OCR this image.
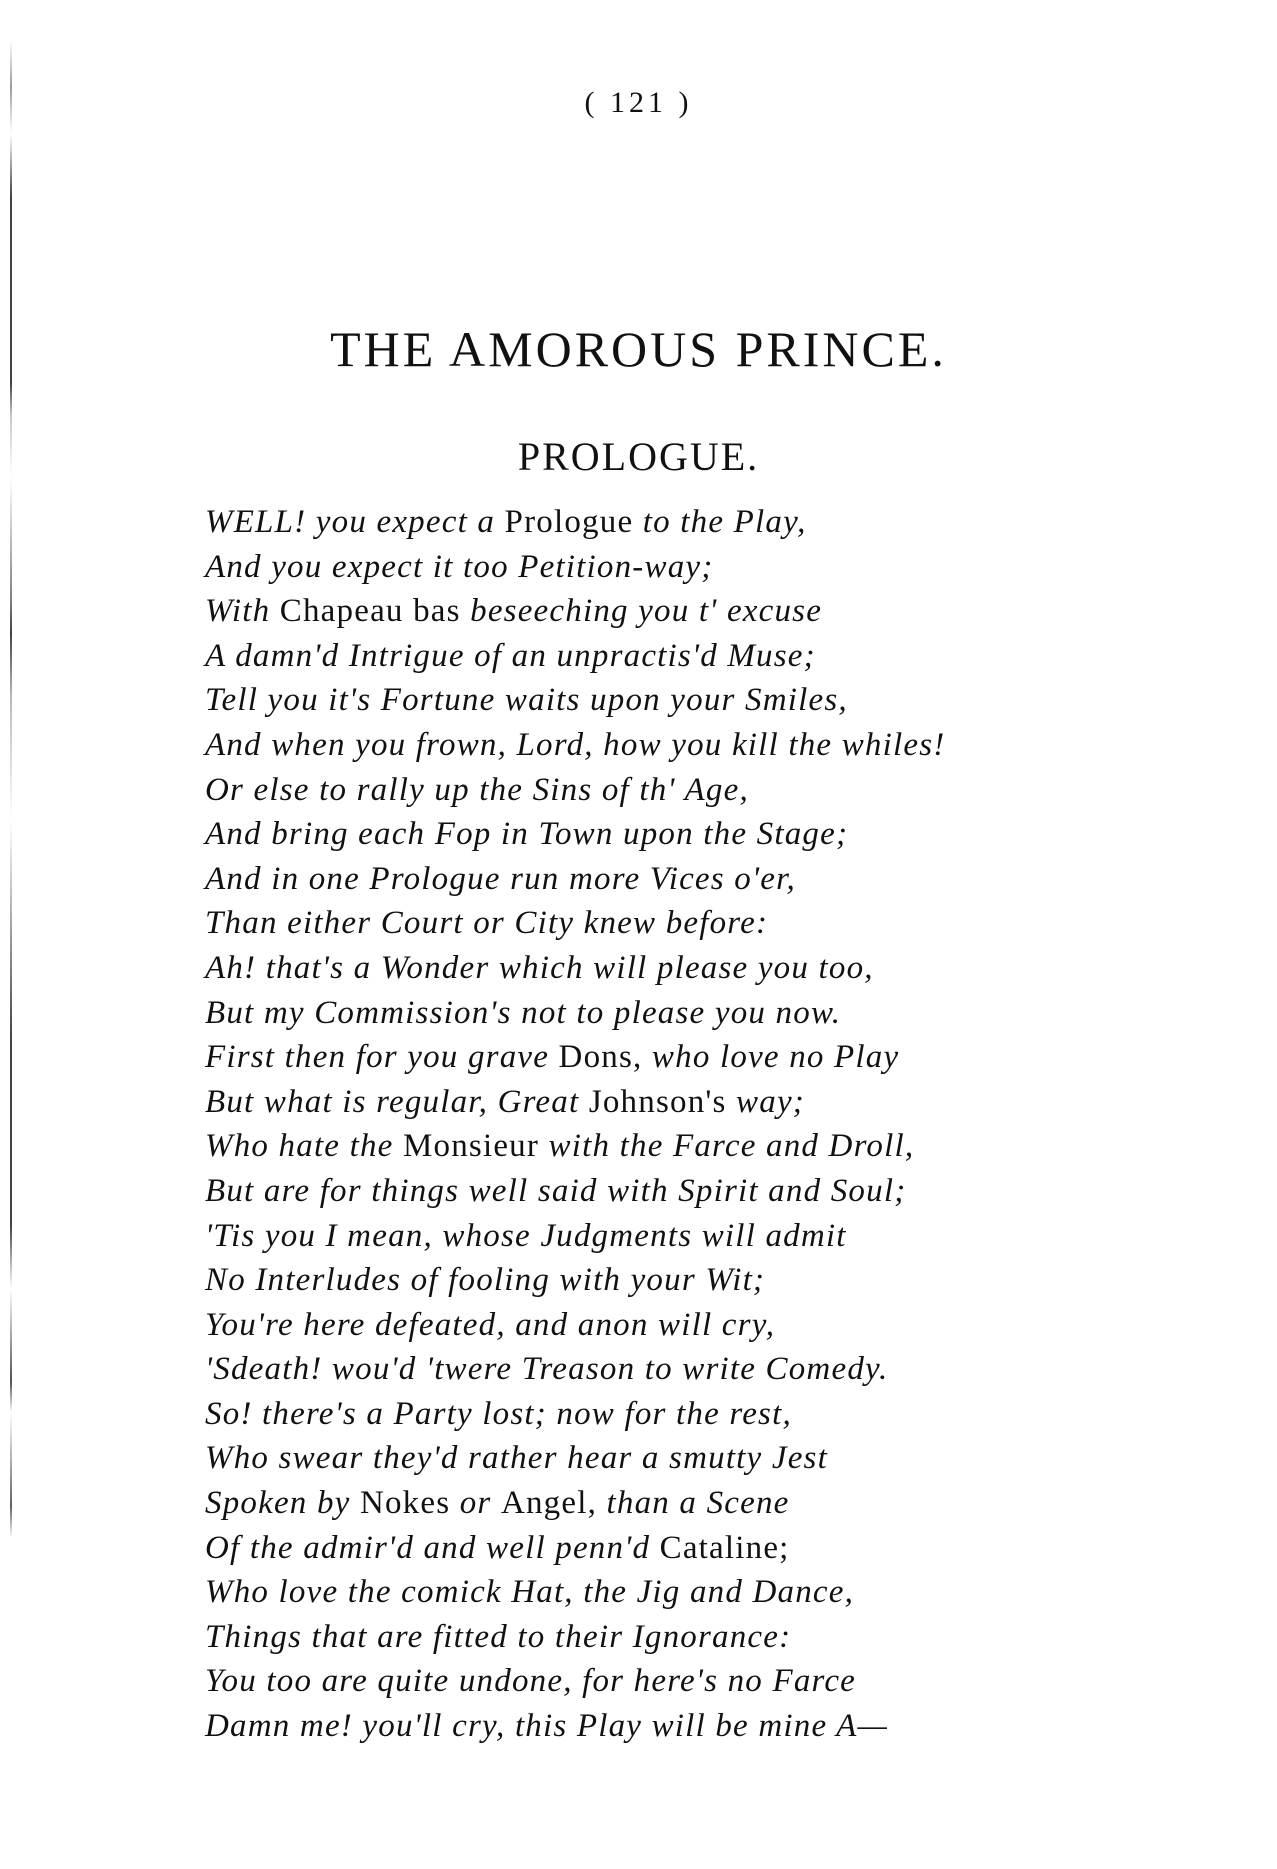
( 121 )
THE AMOROUS PRINCE.
PROLOGUE.
WELL! you expect a Prologue to the Play,
And you expect it too Petition-way;
With Chapeau bas beseeching you t' excuse
A damn'd Intrigue of an unpractis'd Muse;
Tell you it's Fortune waits upon your Smiles,
And when you frown, Lord, how you kill the whiles!
Or else to rally up the Sins of th' Age,
And bring each Fop in Town upon the Stage;
And in one Prologue run more Vices o'er,
Than either Court or City knew before:
Ah! that's a Wonder which will please you too,
But my Commission's not to please you now.
First then for you grave Dons, who love no Play
But what is regular, Great Johnson's way;
Who hate the Monsieur with the Farce and Droll,
But are for things well said with Spirit and Soul;
'Tis you I mean, whose Judgments will admit
No Interludes of fooling with your Wit;
You're here defeated, and anon will cry,
'Sdeath! wou'd 'twere Treason to write Comedy.
So! there's a Party lost; now for the rest,
Who swear they'd rather hear a smutty Jest
Spoken by Nokes or Angel, than a Scene
Of the admir'd and well penn'd Cataline;
Who love the comick Hat, the Jig and Dance,
Things that are fitted to their Ignorance:
You too are quite undone, for here's no Farce
Damn me! you'll cry, this Play will be mine A—
